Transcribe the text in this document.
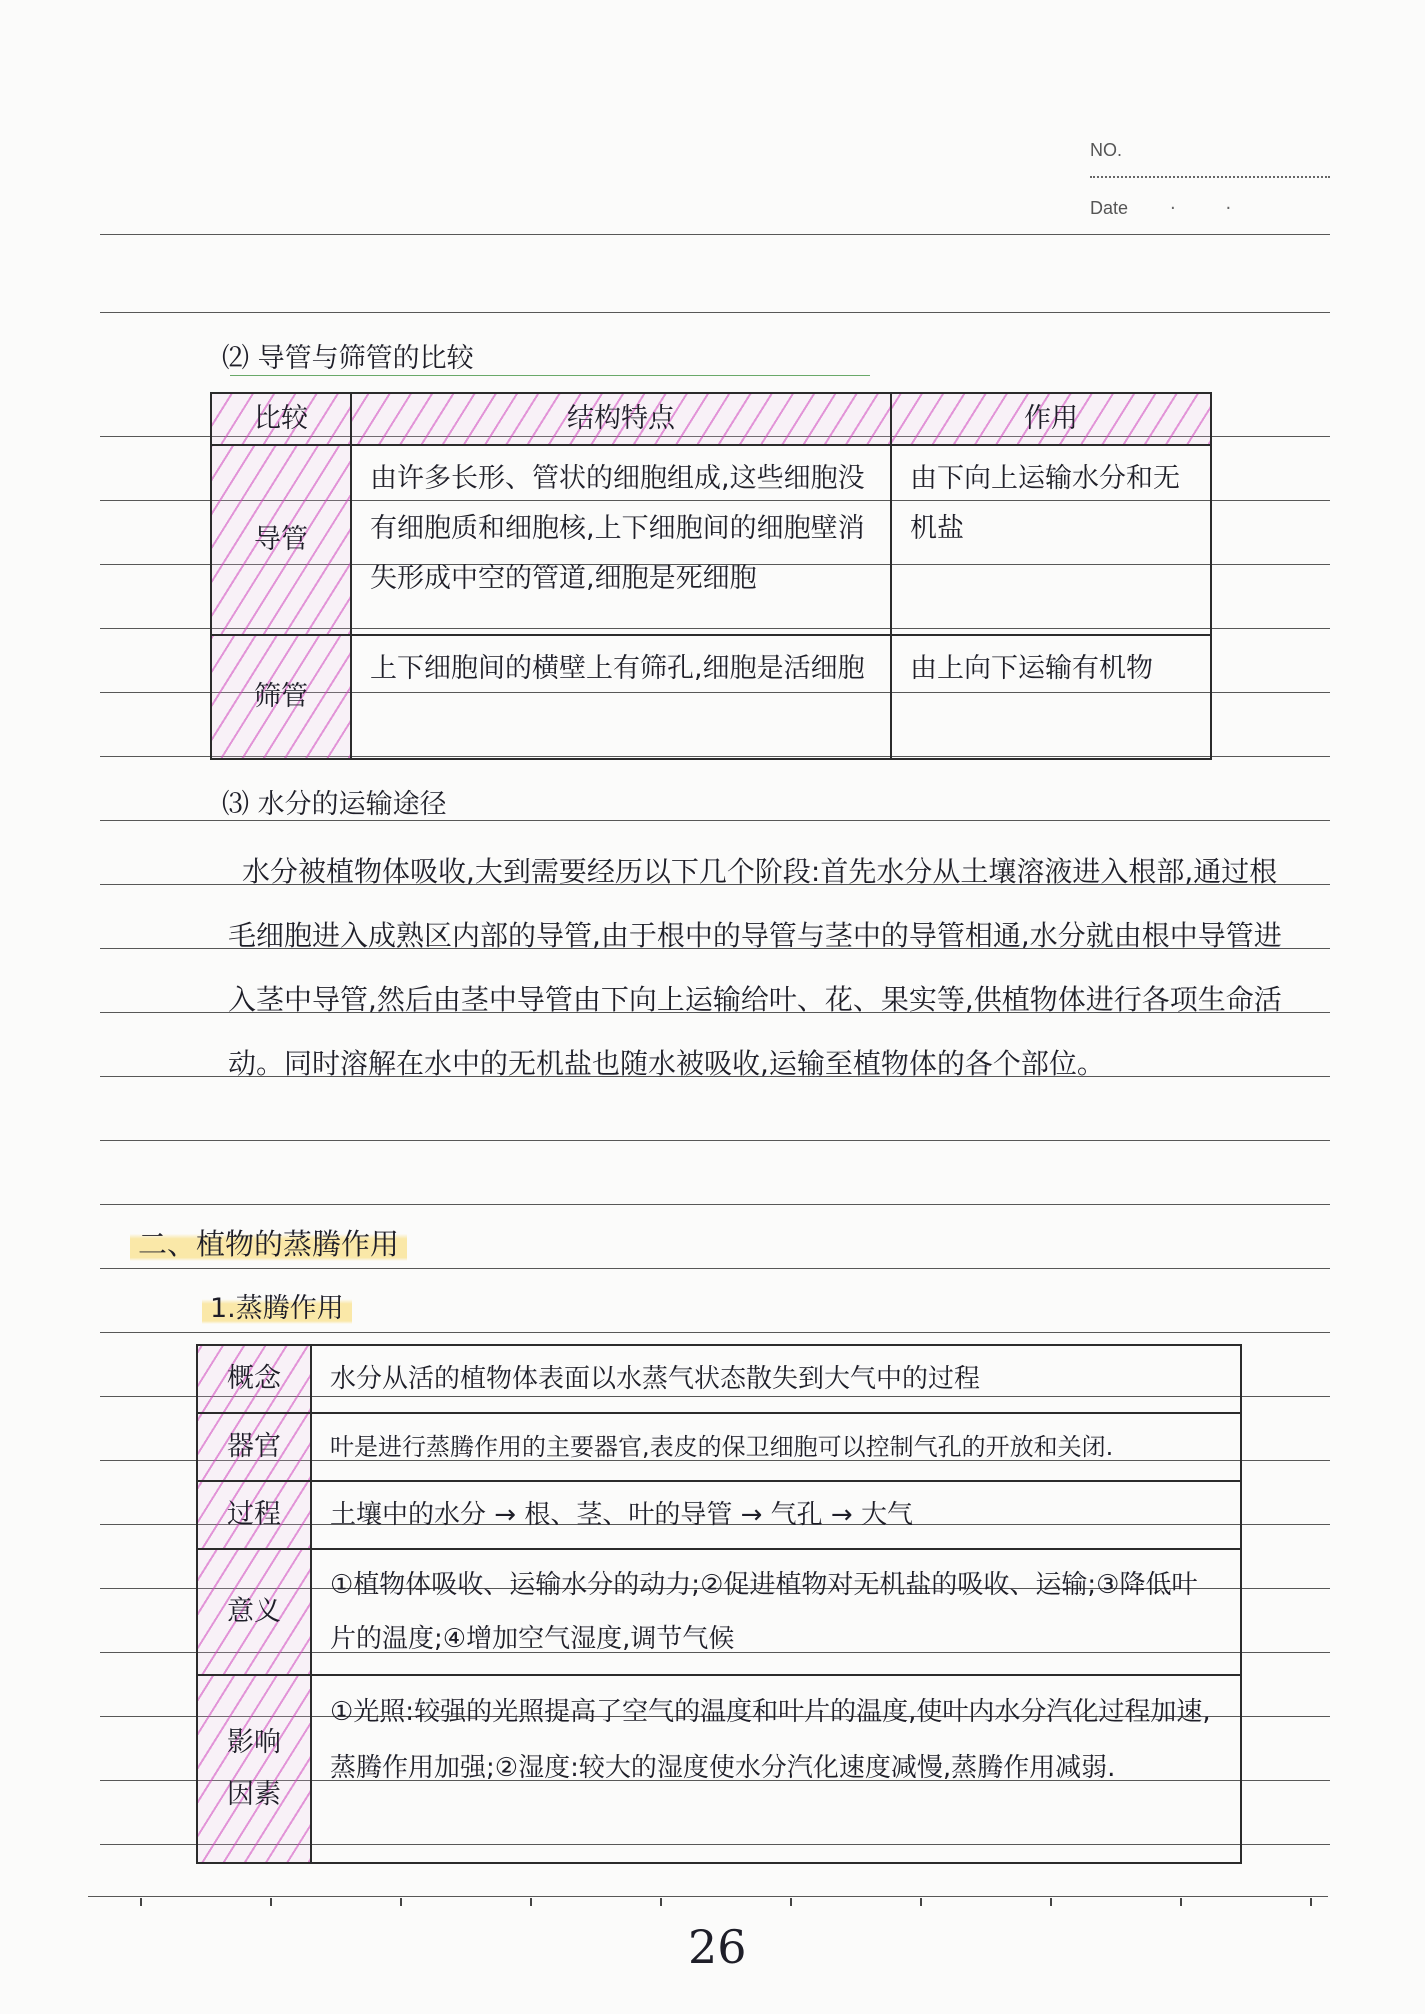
NO.
Date · ·
⑵ 导管与筛管的比较
比较	结构特点	作用
导管	由许多长形、管状的细胞组成,这些细胞没有细胞质和细胞核,上下细胞间的细胞壁消失形成中空的管道,细胞是死细胞	由下向上运输水分和无机盐
筛管	上下细胞间的横壁上有筛孔,细胞是活细胞	由上向下运输有机物
⑶ 水分的运输途径

水分被植物体吸收,大到需要经历以下几个阶段:首先水分从土壤溶液进入根部,通过根毛细胞进入成熟区内部的导管,由于根中的导管与茎中的导管相通,水分就由根中导管进入茎中导管,然后由茎中导管由下向上运输给叶、花、果实等,供植物体进行各项生命活动。同时溶解在水中的无机盐也随水被吸收,运输至植物体的各个部位。

二、植物的蒸腾作用
1.蒸腾作用
概念	水分从活的植物体表面以水蒸气状态散失到大气中的过程
器官	叶是进行蒸腾作用的主要器官,表皮的保卫细胞可以控制气孔的开放和关闭.
过程	土壤中的水分 → 根、茎、叶的导管 → 气孔 → 大气
意义	①植物体吸收、运输水分的动力;②促进植物对无机盐的吸收、运输;③降低叶片的温度;④增加空气湿度,调节气候
影响因素	①光照:较强的光照提高了空气的温度和叶片的温度,使叶内水分汽化过程加速,蒸腾作用加强;②湿度:较大的湿度使水分汽化速度减慢,蒸腾作用减弱.
26
